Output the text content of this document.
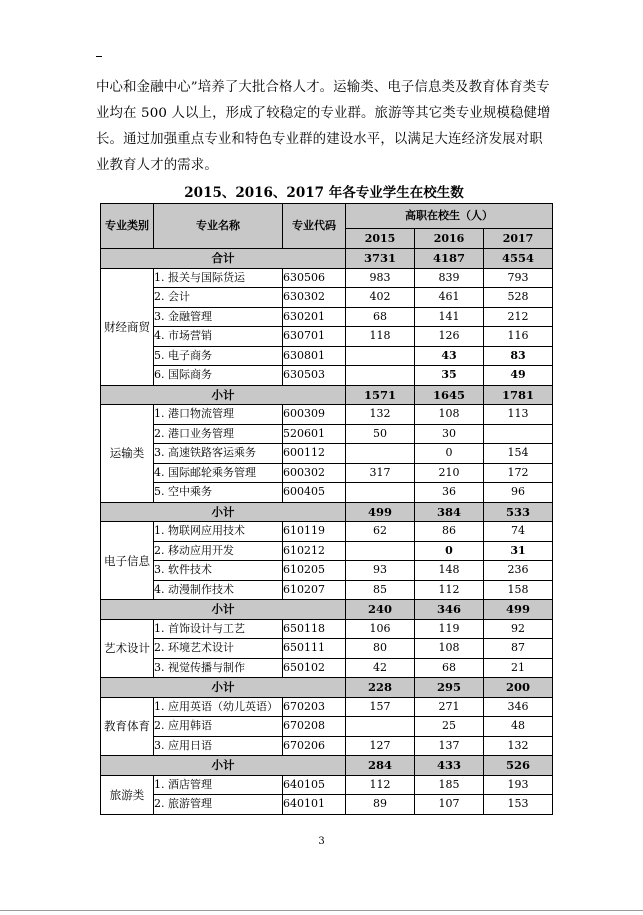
中心和金融中心”培养了大批合格人才。运输类、电子信息类及教育体育类专业均在 500 人以上，形成了较稳定的专业群。旅游等其它类专业规模稳健增长。通过加强重点专业和特色专业群的建设水平，以满足大连经济发展对职业教育人才的需求。

2015、2016、2017 年各专业学生在校生数

专业类别	专业名称	专业代码	高职在校生（人）		
			2015	2016	2017
合计			3731	4187	4554
财经商贸	1. 报关与国际货运	630506	983	839	793
	2. 会计	630302	402	461	528
	3. 金融管理	630201	68	141	212
	4. 市场营销	630701	118	126	116
	5. 电子商务	630801		43	83
	6. 国际商务	630503		35	49
小计			1571	1645	1781
运输类	1. 港口物流管理	600309	132	108	113
	2. 港口业务管理	520601	50	30	
	3. 高速铁路客运乘务	600112		0	154
	4. 国际邮轮乘务管理	600302	317	210	172
	5. 空中乘务	600405		36	96
小计			499	384	533
电子信息	1. 物联网应用技术	610119	62	86	74
	2. 移动应用开发	610212		0	31
	3. 软件技术	610205	93	148	236
	4. 动漫制作技术	610207	85	112	158
小计			240	346	499
艺术设计	1. 首饰设计与工艺	650118	106	119	92
	2. 环境艺术设计	650111	80	108	87
	3. 视觉传播与制作	650102	42	68	21
小计			228	295	200
教育体育	1. 应用英语（幼儿英语）	670203	157	271	346
	2. 应用韩语	670208		25	48
	3. 应用日语	670206	127	137	132
小计			284	433	526
旅游类	1. 酒店管理	640105	112	185	193
	2. 旅游管理	640101	89	107	153
3
